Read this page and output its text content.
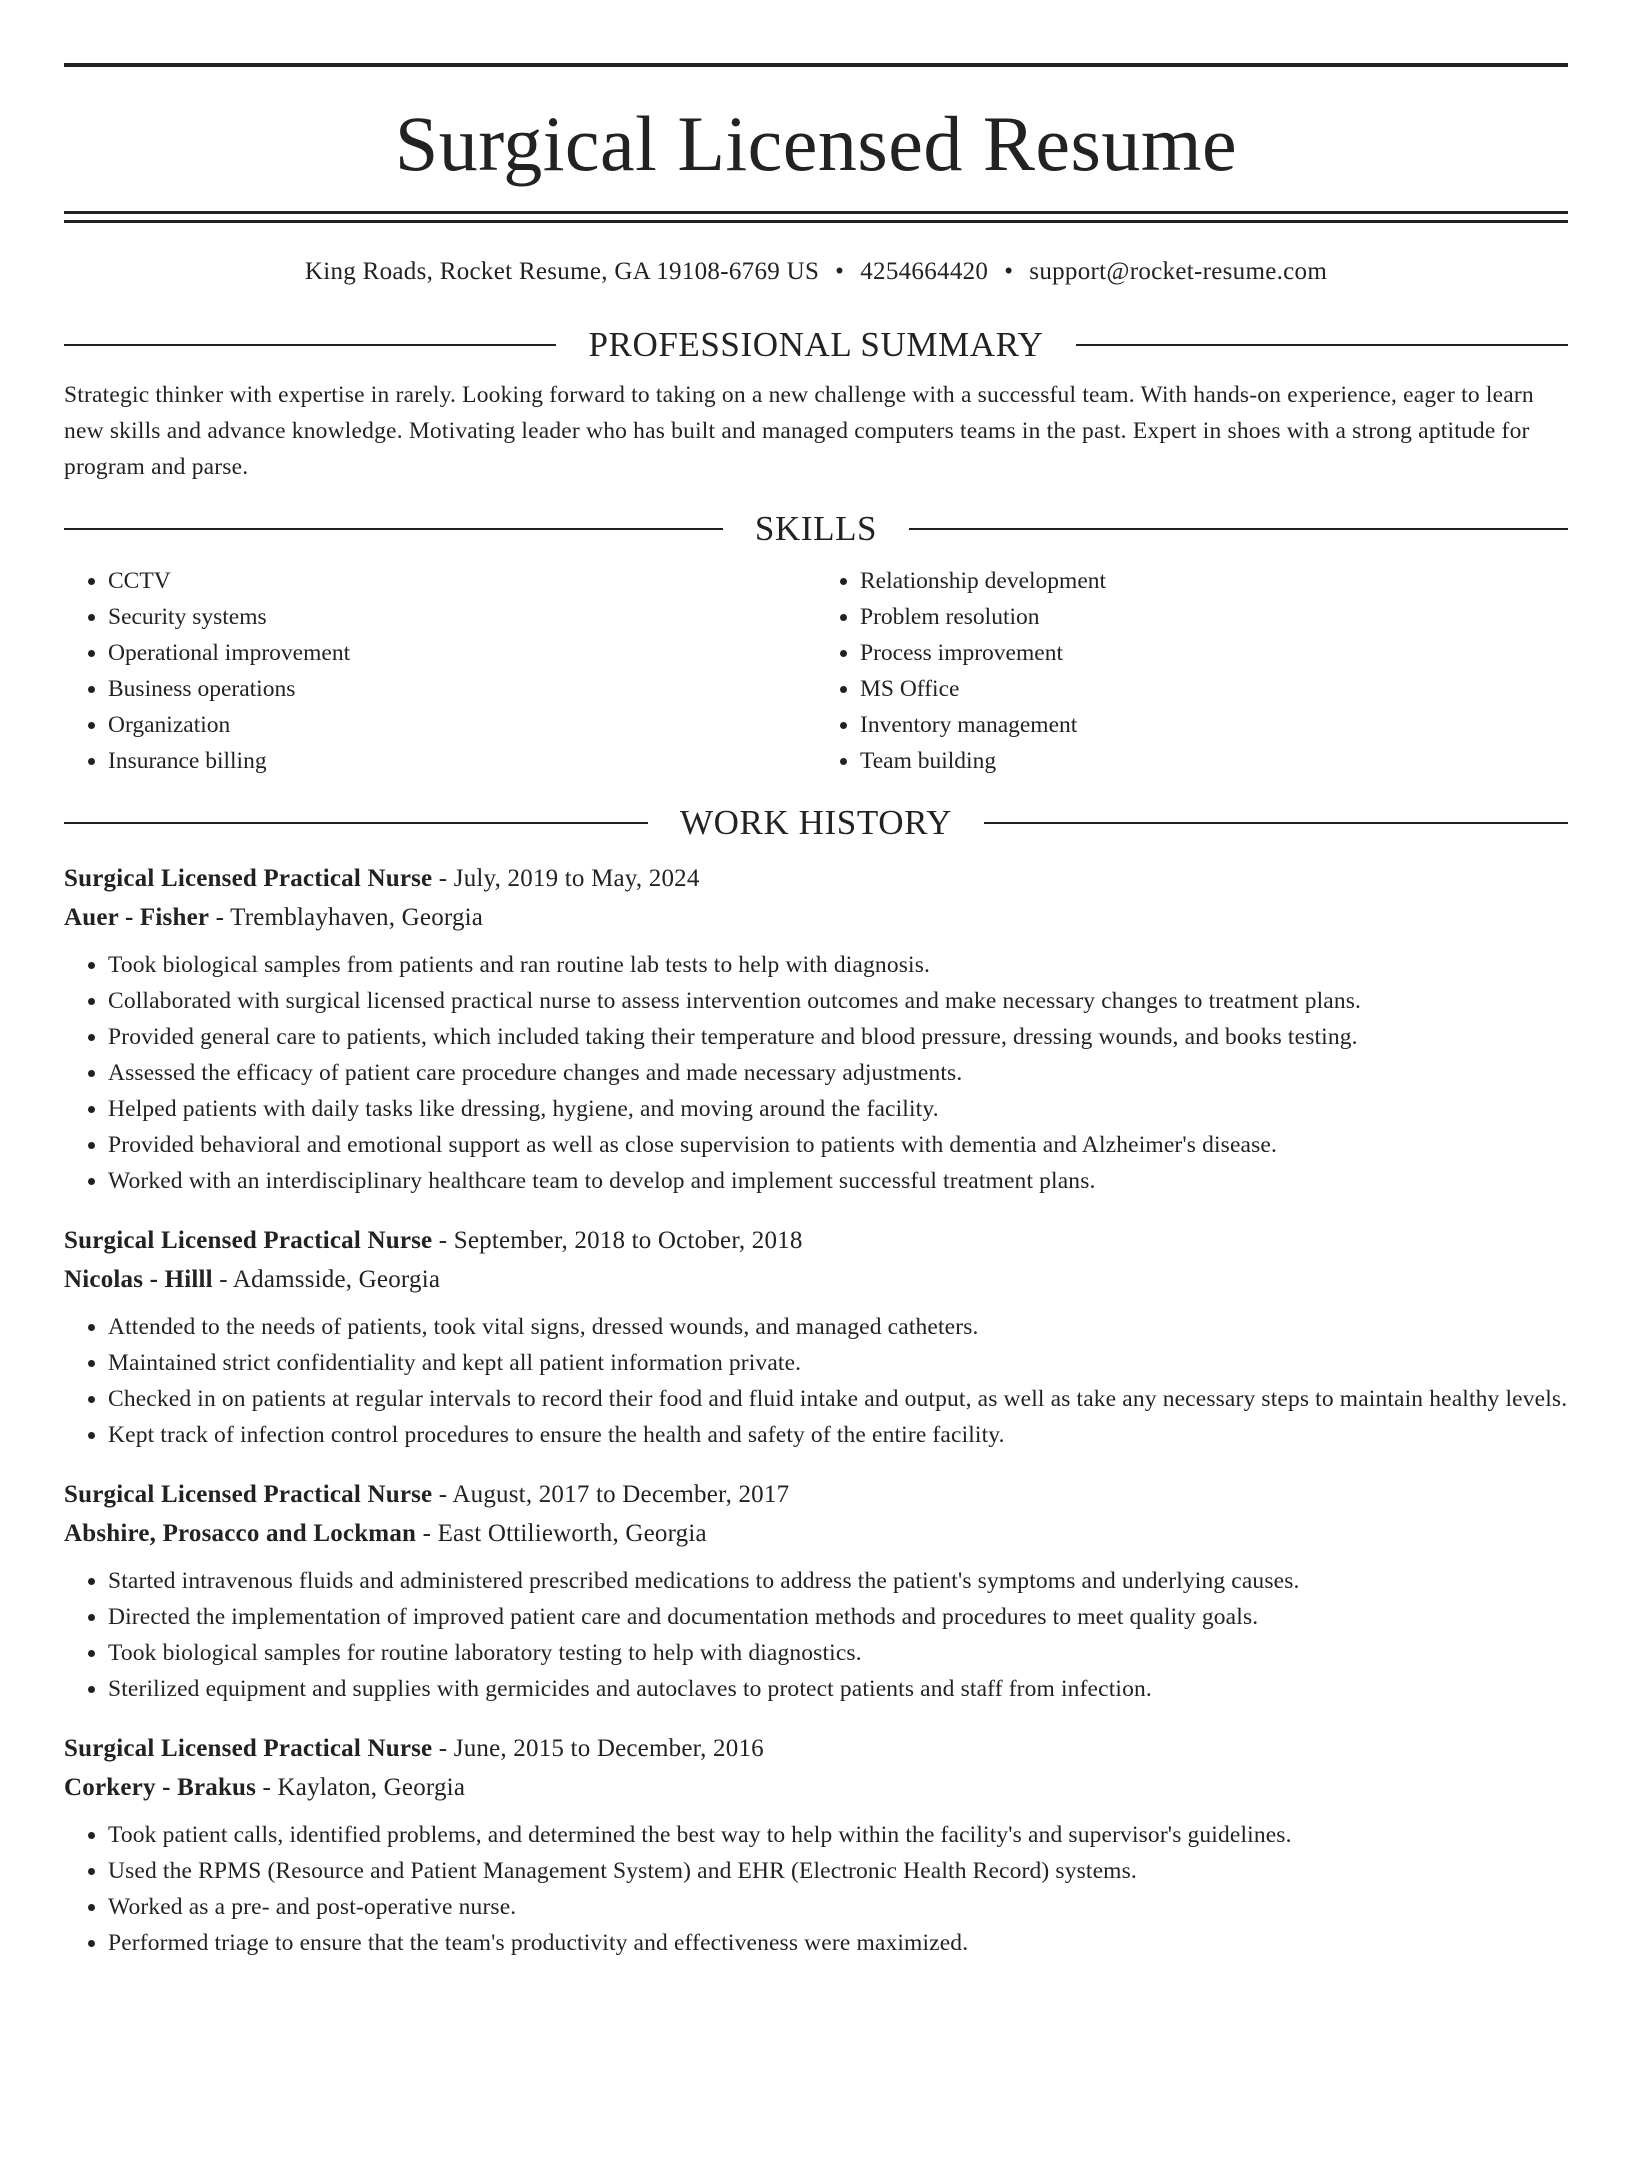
Surgical Licensed Resume
King Roads, Rocket Resume, GA 19108-6769 US • 4254664420 • support@rocket-resume.com
PROFESSIONAL SUMMARY

Strategic thinker with expertise in rarely. Looking forward to taking on a new challenge with a successful team. With hands-on experience, eager to learn new skills and advance knowledge. Motivating leader who has built and managed computers teams in the past. Expert in shoes with a strong aptitude for program and parse.

SKILLS
• CCTV
• Security systems
• Operational improvement
• Business operations
• Organization
• Insurance billing
• Relationship development
• Problem resolution
• Process improvement
• MS Office
• Inventory management
• Team building
WORK HISTORY
Surgical Licensed Practical Nurse - July, 2019 to May, 2024
Auer - Fisher - Tremblayhaven, Georgia
• Took biological samples from patients and ran routine lab tests to help with diagnosis.
• Collaborated with surgical licensed practical nurse to assess intervention outcomes and make necessary changes to treatment plans.
• Provided general care to patients, which included taking their temperature and blood pressure, dressing wounds, and books testing.
• Assessed the efficacy of patient care procedure changes and made necessary adjustments.
• Helped patients with daily tasks like dressing, hygiene, and moving around the facility.
• Provided behavioral and emotional support as well as close supervision to patients with dementia and Alzheimer's disease.
• Worked with an interdisciplinary healthcare team to develop and implement successful treatment plans.
Surgical Licensed Practical Nurse - September, 2018 to October, 2018
Nicolas - Hilll - Adamsside, Georgia
• Attended to the needs of patients, took vital signs, dressed wounds, and managed catheters.
• Maintained strict confidentiality and kept all patient information private.
• Checked in on patients at regular intervals to record their food and fluid intake and output, as well as take any necessary steps to maintain healthy levels.
• Kept track of infection control procedures to ensure the health and safety of the entire facility.
Surgical Licensed Practical Nurse - August, 2017 to December, 2017
Abshire, Prosacco and Lockman - East Ottilieworth, Georgia
• Started intravenous fluids and administered prescribed medications to address the patient's symptoms and underlying causes.
• Directed the implementation of improved patient care and documentation methods and procedures to meet quality goals.
• Took biological samples for routine laboratory testing to help with diagnostics.
• Sterilized equipment and supplies with germicides and autoclaves to protect patients and staff from infection.
Surgical Licensed Practical Nurse - June, 2015 to December, 2016
Corkery - Brakus - Kaylaton, Georgia
• Took patient calls, identified problems, and determined the best way to help within the facility's and supervisor's guidelines.
• Used the RPMS (Resource and Patient Management System) and EHR (Electronic Health Record) systems.
• Worked as a pre- and post-operative nurse.
• Performed triage to ensure that the team's productivity and effectiveness were maximized.
